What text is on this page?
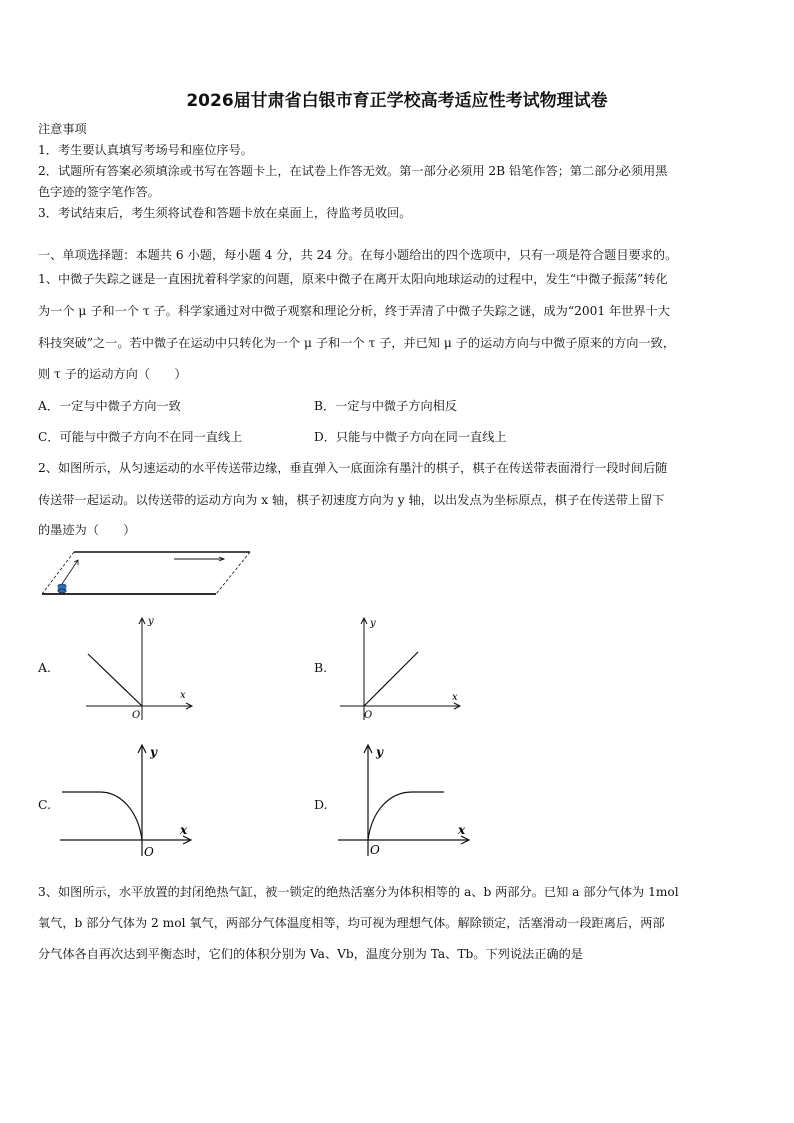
2026届甘肃省白银市育正学校高考适应性考试物理试卷
注意事项
1．考生要认真填写考场号和座位序号。
2．试题所有答案必须填涂或书写在答题卡上，在试卷上作答无效。第一部分必须用 2B 铅笔作答；第二部分必须用黑
色字迹的签字笔作答。
3．考试结束后，考生须将试卷和答题卡放在桌面上，待监考员收回。
一、单项选择题：本题共 6 小题，每小题 4 分，共 24 分。在每小题给出的四个选项中，只有一项是符合题目要求的。
1、中微子失踪之谜是一直困扰着科学家的问题，原来中微子在离开太阳向地球运动的过程中，发生“中微子振荡”转化
为一个 μ 子和一个 τ 子。科学家通过对中微子观察和理论分析，终于弄清了中微子失踪之谜，成为“2001 年世界十大
科技突破”之一。若中微子在运动中只转化为一个 μ 子和一个 τ 子，并已知 μ 子的运动方向与中微子原来的方向一致，
则 τ 子的运动方向（　　）
A．一定与中微子方向一致	B．一定与中微子方向相反
C．可能与中微子方向不在同一直线上	D．只能与中微子方向在同一直线上
2、如图所示，从匀速运动的水平传送带边缘，垂直弹入一底面涂有墨汁的棋子，棋子在传送带表面滑行一段时间后随
传送带一起运动。以传送带的运动方向为 x 轴，棋子初速度方向为 y 轴，以出发点为坐标原点，棋子在传送带上留下
的墨迹为（　　）
A.
y
x
O
B.
y
x
O
C.
y
x
O
D.
y
x
O
3、如图所示，水平放置的封闭绝热气缸，被一锁定的绝热活塞分为体积相等的 a、b 两部分。已知 a 部分气体为 1mol
氧气，b 部分气体为 2 mol 氧气，两部分气体温度相等，均可视为理想气体。解除锁定，活塞滑动一段距离后，两部
分气体各自再次达到平衡态时，它们的体积分别为 Va、Vb，温度分别为 Ta、Tb。下列说法正确的是
